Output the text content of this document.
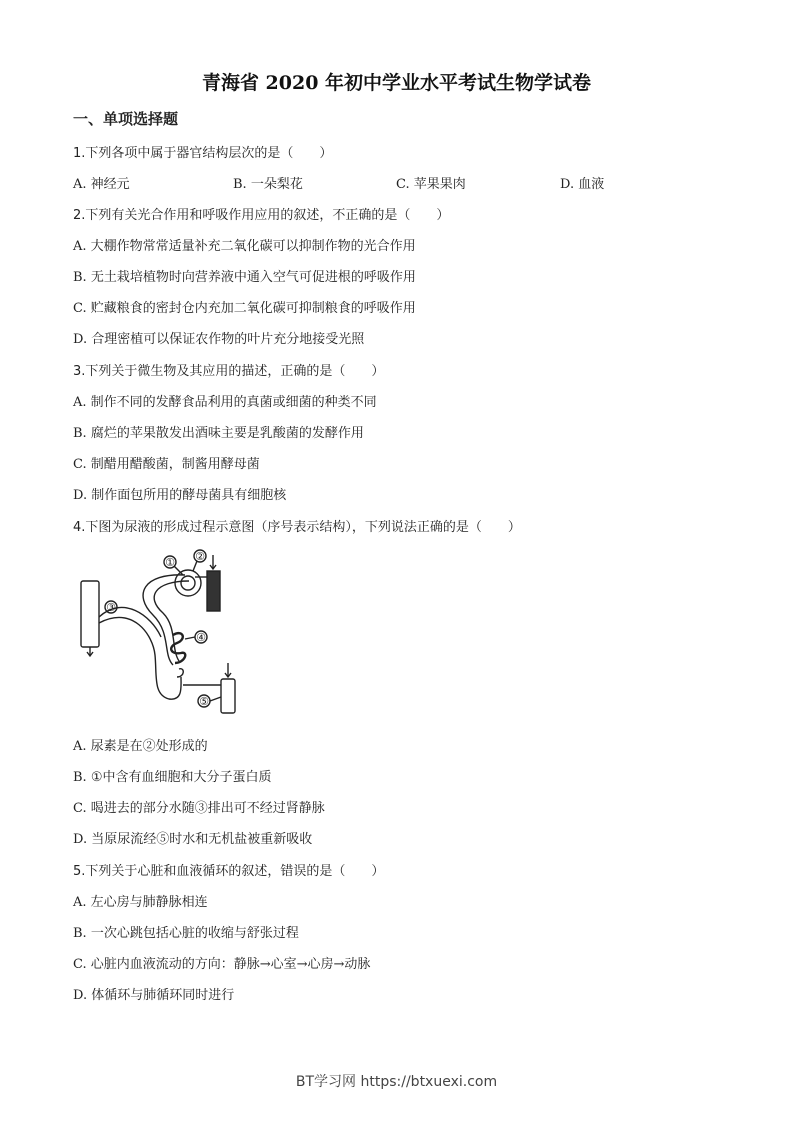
青海省 2020 年初中学业水平考试生物学试卷
一、单项选择题
1.下列各项中属于器官结构层次的是（　　）
A. 神经元	B. 一朵梨花	C. 苹果果肉	D. 血液
2.下列有关光合作用和呼吸作用应用的叙述，不正确的是（　　）
A. 大棚作物常常适量补充二氧化碳可以抑制作物的光合作用
B. 无土栽培植物时向营养液中通入空气可促进根的呼吸作用
C. 贮藏粮食的密封仓内充加二氧化碳可抑制粮食的呼吸作用
D. 合理密植可以保证农作物的叶片充分地接受光照
3.下列关于微生物及其应用的描述，正确的是（　　）
A. 制作不同的发酵食品利用的真菌或细菌的种类不同
B. 腐烂的苹果散发出酒味主要是乳酸菌的发酵作用
C. 制醋用醋酸菌，制酱用酵母菌
D. 制作面包所用的酵母菌具有细胞核
4.下图为尿液的形成过程示意图（序号表示结构），下列说法正确的是（　　）
① ②
③
④
⑤
A. 尿素是在②处形成的
B. ①中含有血细胞和大分子蛋白质
C. 喝进去的部分水随③排出可不经过肾静脉
D. 当原尿流经⑤时水和无机盐被重新吸收
5.下列关于心脏和血液循环的叙述，错误的是（　　）
A. 左心房与肺静脉相连
B. 一次心跳包括心脏的收缩与舒张过程
C. 心脏内血液流动的方向：静脉→心室→心房→动脉
D. 体循环与肺循环同时进行
BT学习网 https://btxuexi.com
